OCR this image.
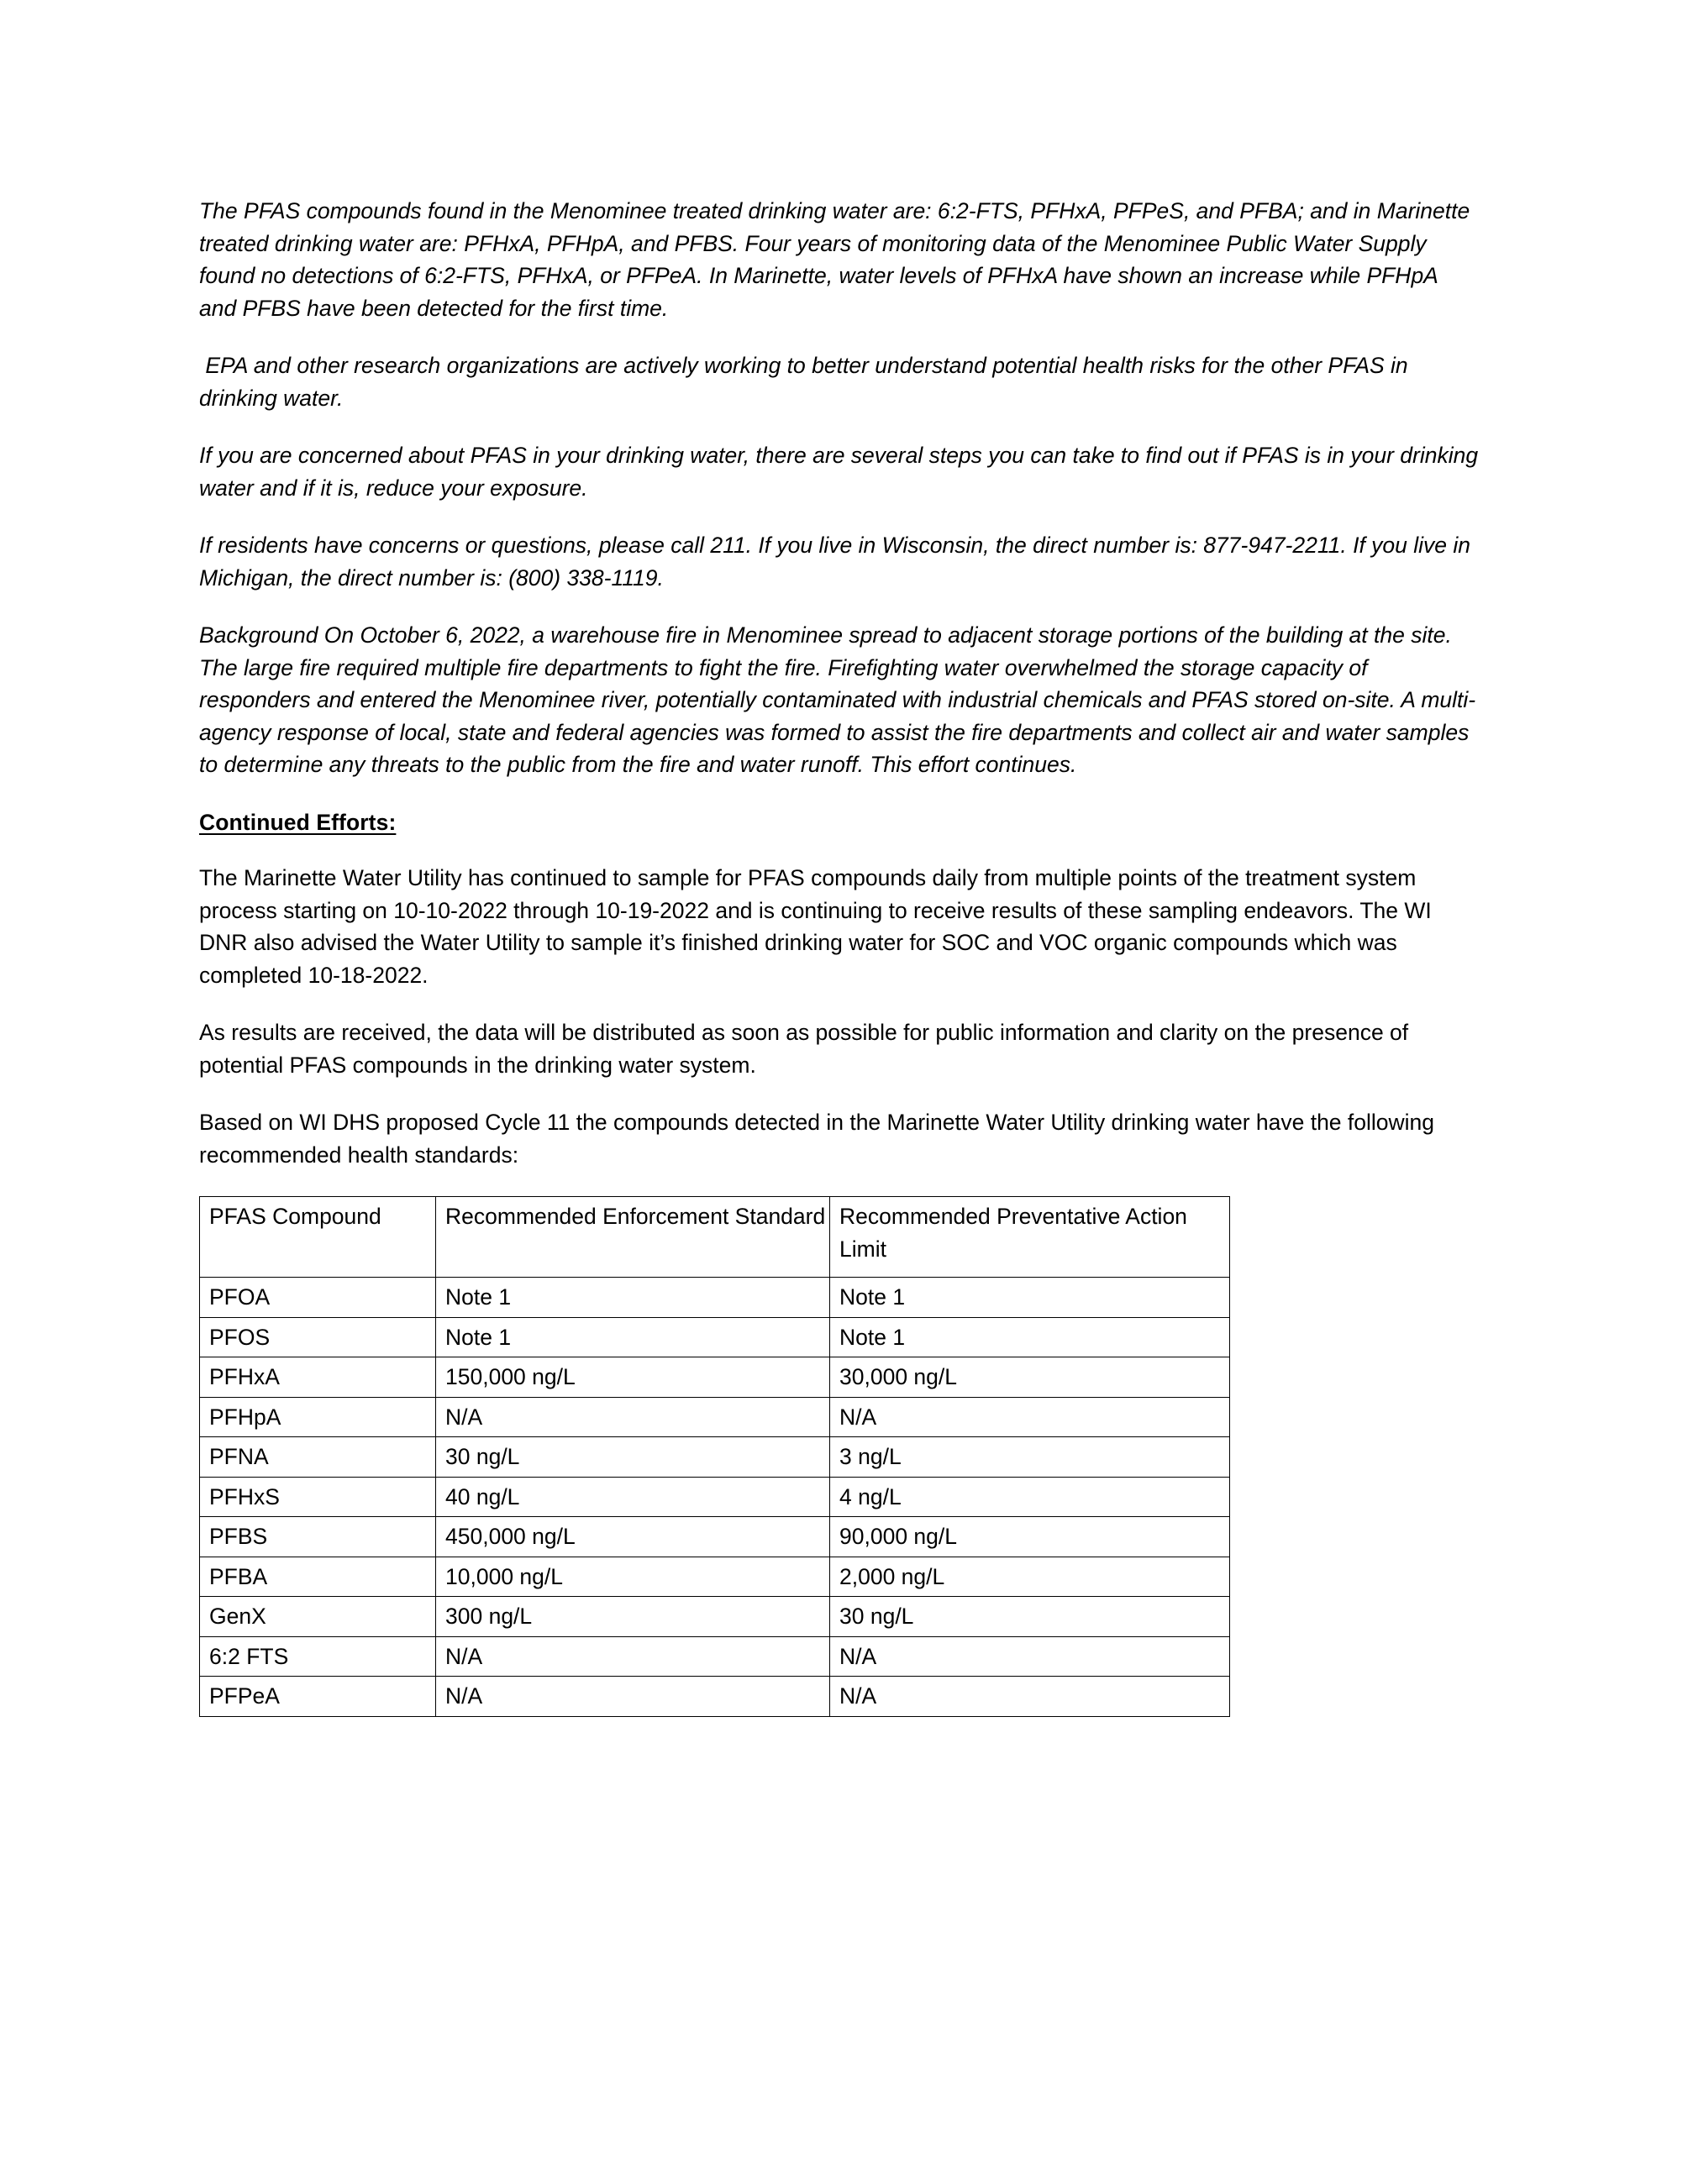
The PFAS compounds found in the Menominee treated drinking water are: 6:2-FTS, PFHxA, PFPeS, and PFBA; and in Marinette treated drinking water are: PFHxA, PFHpA, and PFBS. Four years of monitoring data of the Menominee Public Water Supply found no detections of 6:2-FTS, PFHxA, or PFPeA. In Marinette, water levels of PFHxA have shown an increase while PFHpA and PFBS have been detected for the first time.

EPA and other research organizations are actively working to better understand potential health risks for the other PFAS in drinking water.

If you are concerned about PFAS in your drinking water, there are several steps you can take to find out if PFAS is in your drinking water and if it is, reduce your exposure.

If residents have concerns or questions, please call 211. If you live in Wisconsin, the direct number is: 877-947-2211. If you live in Michigan, the direct number is: (800) 338-1119.

Background On October 6, 2022, a warehouse fire in Menominee spread to adjacent storage portions of the building at the site. The large fire required multiple fire departments to fight the fire. Firefighting water overwhelmed the storage capacity of responders and entered the Menominee river, potentially contaminated with industrial chemicals and PFAS stored on-site. A multi-agency response of local, state and federal agencies was formed to assist the fire departments and collect air and water samples to determine any threats to the public from the fire and water runoff. This effort continues.

Continued Efforts:

The Marinette Water Utility has continued to sample for PFAS compounds daily from multiple points of the treatment system process starting on 10-10-2022 through 10-19-2022 and is continuing to receive results of these sampling endeavors. The WI DNR also advised the Water Utility to sample it’s finished drinking water for SOC and VOC organic compounds which was completed 10-18-2022.

As results are received, the data will be distributed as soon as possible for public information and clarity on the presence of potential PFAS compounds in the drinking water system.

Based on WI DHS proposed Cycle 11 the compounds detected in the Marinette Water Utility drinking water have the following recommended health standards:

PFAS Compound	Recommended Enforcement Standard	Recommended Preventative Action Limit
PFOA	Note 1	Note 1
PFOS	Note 1	Note 1
PFHxA	150,000 ng/L	30,000 ng/L
PFHpA	N/A	N/A
PFNA	30 ng/L	3 ng/L
PFHxS	40 ng/L	4 ng/L
PFBS	450,000 ng/L	90,000 ng/L
PFBA	10,000 ng/L	2,000 ng/L
GenX	300 ng/L	30 ng/L
6:2 FTS	N/A	N/A
PFPeA	N/A	N/A
